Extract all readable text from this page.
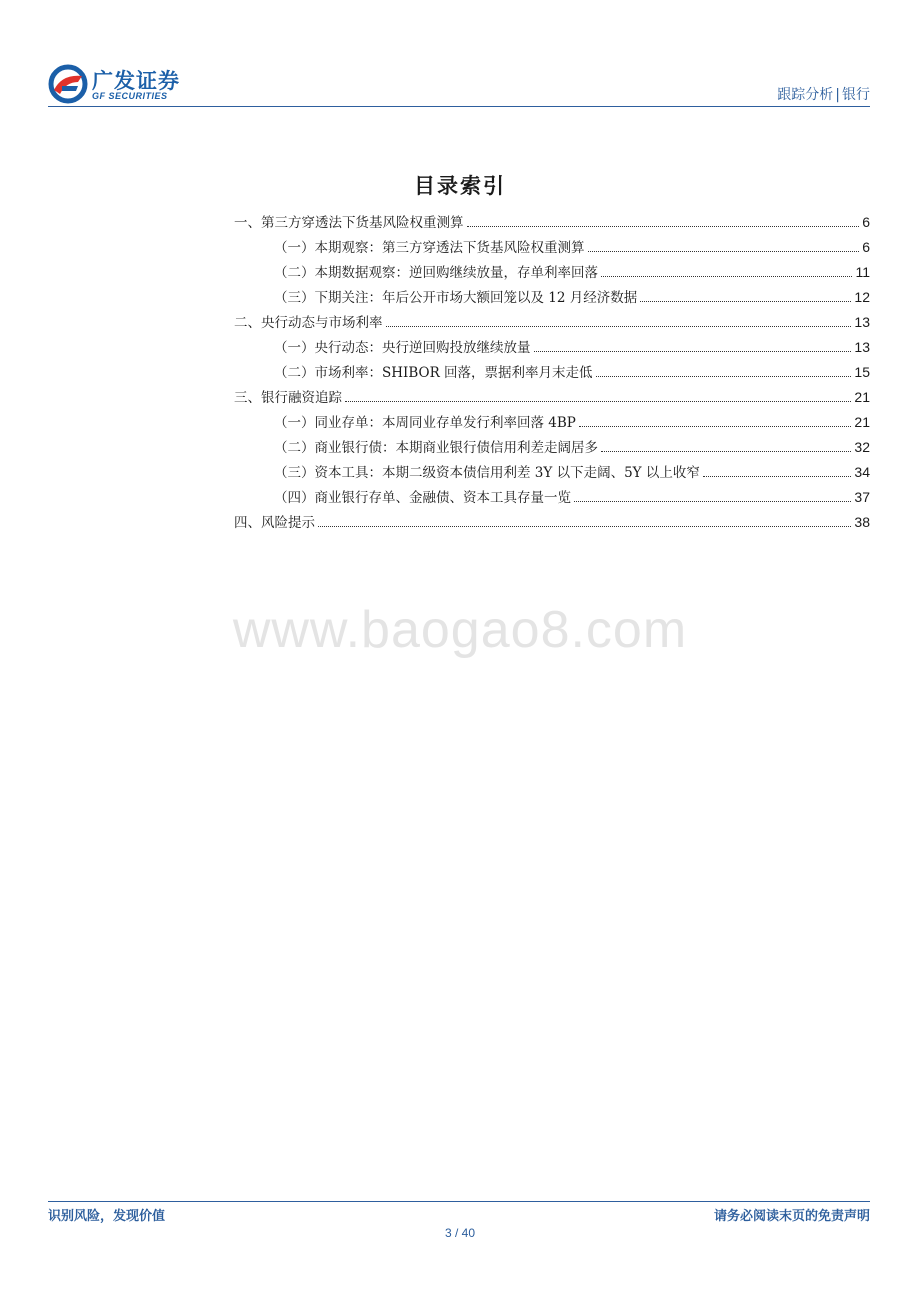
广发证券
GF SECURITIES	跟踪分析 | 银行
目录索引
一、第三方穿透法下货基风险权重测算	6
（一）本期观察：第三方穿透法下货基风险权重测算	6
（二）本期数据观察：逆回购继续放量，存单利率回落	11
（三）下期关注：年后公开市场大额回笼以及 12 月经济数据	12
二、央行动态与市场利率	13
（一）央行动态：央行逆回购投放继续放量	13
（二）市场利率：SHIBOR 回落，票据利率月末走低	15
三、银行融资追踪	21
（一）同业存单：本周同业存单发行利率回落 4BP	21
（二）商业银行债：本期商业银行债信用利差走阔居多	32
（三）资本工具：本期二级资本债信用利差 3Y 以下走阔、5Y 以上收窄	34
（四）商业银行存单、金融债、资本工具存量一览	37
四、风险提示	38
www.baogao8.com
识别风险，发现价值	请务必阅读末页的免责声明
3 / 40
